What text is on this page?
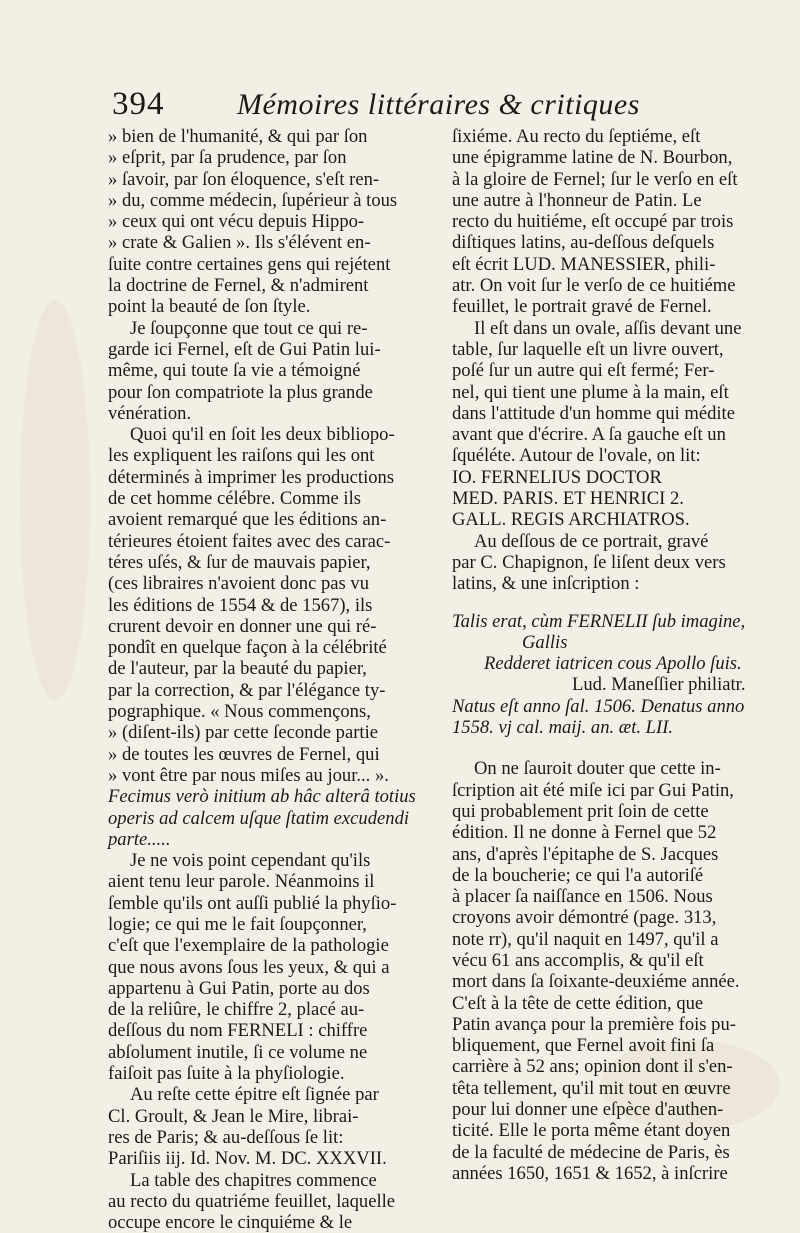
394 Mémoires littéraires & critiques

» bien de l'humanité, & qui par ſon
» eſprit, par ſa prudence, par ſon
» ſavoir, par ſon éloquence, s'eſt ren-
» du, comme médecin, ſupérieur à tous
» ceux qui ont vécu depuis Hippo-
» crate & Galien ». Ils s'élévent en-
ſuite contre certaines gens qui rejétent
la doctrine de Fernel, & n'admirent
point la beauté de ſon ſtyle.

Je ſoupçonne que tout ce qui re-
garde ici Fernel, eſt de Gui Patin lui-
même, qui toute ſa vie a témoigné
pour ſon compatriote la plus grande
vénération.

Quoi qu'il en ſoit les deux bibliopo-
les expliquent les raiſons qui les ont
déterminés à imprimer les productions
de cet homme célébre. Comme ils
avoient remarqué que les éditions an-
térieures étoient faites avec des carac-
téres uſés, & ſur de mauvais papier,
(ces libraires n'avoient donc pas vu
les éditions de 1554 & de 1567), ils
crurent devoir en donner une qui ré-
pondît en quelque façon à la célébrité
de l'auteur, par la beauté du papier,
par la correction, & par l'élégance ty-
pographique. « Nous commençons,
» (diſent-ils) par cette ſeconde partie
» de toutes les œuvres de Fernel, qui
» vont être par nous miſes au jour... ».

Fecimus verò initium ab hâc alterâ totius
operis ad calcem uſque ſtatim excudendi
parte.....

Je ne vois point cependant qu'ils
aient tenu leur parole. Néanmoins il
ſemble qu'ils ont auſſi publié la phyſio-
logie; ce qui me le fait ſoupçonner,
c'eſt que l'exemplaire de la pathologie
que nous avons ſous les yeux, & qui a
appartenu à Gui Patin, porte au dos
de la reliûre, le chiffre 2, placé au-
deſſous du nom FERNELI : chiffre
abſolument inutile, ſi ce volume ne
faiſoit pas ſuite à la phyſiologie.

Au reſte cette épitre eſt ſignée par
Cl. Groult, & Jean le Mire, librai-
res de Paris; & au-deſſous ſe lit:
Pariſiis iij. Id. Nov. M. DC. XXXVII.

La table des chapitres commence
au recto du quatriéme feuillet, laquelle
occupe encore le cinquiéme & le

ſixiéme. Au recto du ſeptiéme, eſt
une épigramme latine de N. Bourbon,
à la gloire de Fernel; ſur le verſo en eſt
une autre à l'honneur de Patin. Le
recto du huitiéme, eſt occupé par trois
diſtiques latins, au-deſſous deſquels
eſt écrit LUD. MANESSIER, phili-
atr. On voit ſur le verſo de ce huitiéme
feuillet, le portrait gravé de Fernel.

Il eſt dans un ovale, aſſis devant une
table, ſur laquelle eſt un livre ouvert,
poſé ſur un autre qui eſt fermé; Fer-
nel, qui tient une plume à la main, eſt
dans l'attitude d'un homme qui médite
avant que d'écrire. A ſa gauche eſt un
ſquéléte. Autour de l'ovale, on lit:
IO. FERNELIUS DOCTOR
MED. PARIS. ET HENRICI 2.
GALL. REGIS ARCHIATROS.

Au deſſous de ce portrait, gravé
par C. Chapignon, ſe liſent deux vers
latins, & une inſcription :

Talis erat, cùm FERNELII ſub imagine,
Gallis
Redderet iatricen cous Apollo ſuis.
Lud. Maneſſier philiatr.

Natus eſt anno ſal. 1506. Denatus anno
1558. vj cal. maij. an. æt. LII.

On ne ſauroit douter que cette in-
ſcription ait été miſe ici par Gui Patin,
qui probablement prit ſoin de cette
édition. Il ne donne à Fernel que 52
ans, d'après l'épitaphe de S. Jacques
de la boucherie; ce qui l'a autoriſé
à placer ſa naiſſance en 1506. Nous
croyons avoir démontré (page. 313,
note rr), qu'il naquit en 1497, qu'il a
vécu 61 ans accomplis, & qu'il eſt
mort dans ſa ſoixante-deuxiéme année.
C'eſt à la tête de cette édition, que
Patin avança pour la première fois pu-
bliquement, que Fernel avoit fini ſa
carrière à 52 ans; opinion dont il s'en-
têta tellement, qu'il mit tout en œuvre
pour lui donner une eſpèce d'authen-
ticité. Elle le porta même étant doyen
de la faculté de médecine de Paris, ès
années 1650, 1651 & 1652, à inſcrire
